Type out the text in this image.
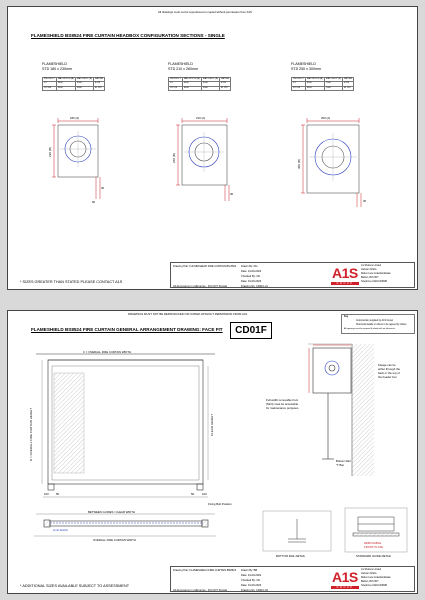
All drawings must not be reproduced or copied without permission from A1S
FLAMESHIELD BS8524 FIRE CURTAIN HEADBOX CONFIGURATION SECTIONS - SINGLE
FLAMESHIELD
STD 180 x 230mm
PRODUCT	MAX WIDTH (A)	MAX DROP (B)	RATING
D1	3000	3000	E120
D2 180	3000	3000	EI 120
FLAMESHIELD
STD 210 x 260mm
PRODUCT	MAX WIDTH (A)	MAX DROP (B)	RATING
D1	6000	5000	E120
D2 210	6000	5000	EI 120
FLAMESHIELD
STD 250 x 300mm
PRODUCT	MAX WIDTH (A)	MAX DROP (B)	RATING
D1	9000	7000	E120
D2 250	9000	7000	EI 120
180 (A)
230 (B)
30
60
210 (A)
260 (B)
30
250 (A)
300 (B)
30
* SIZES GREATER THAN STATED PLEASE CONTACT A1S
Drawing Title: Full MID/HEAD FIRE CURTAIN BS 8524 Drawn By: DG
Date: 01-09-2022
Checked By: CE
Date: 01-09-2022
Drawing No: CD01F-21
All dimensions in millimetres - DO NOT SCALE
A1 Shutters Limited
Jackson Works
Roden Lane Industrial Estate
Barlton, BL5 3NT
Telephone 01204 303838
A1S
GROUP
DRAWINGS MUST NOT BE REPRODUCED OR COPIED WITHOUT PERMISSION FROM A1S
FLAMESHIELD BS8524 FIRE CURTAIN GENERAL ARRANGEMENT DRAWING: FACE FIT	CD01F
Key
Construction supplied by A1S Group
Structural details or others to be agreed by others
All openings must be squared & plumb with no tolerances
C = OVERALL FIRE CURTAIN WIDTH
D = OVERALL FIRE CURTAIN HEIGHT	CLEAR HEIGHT
100	50	50	100
Fixing Bolt Position
BETWEEN GUIDES / CLEAR WIDTH
Limit Switch
OVERALL FIRE CURTAIN WIDTH
Flange can be
either through the
back or the top of
the header box
Full width removable front
(Skirt) must be accessible
for maintenance purposes
Bottom Rail
'T' Bar
BOTTOM RAIL DETAIL	STANDARD GUIDE DETAIL
REMOVABLE
FRONT PLATE
* ADDITIONAL SIZES AVAILABLE SUBJECT TO ASSESSMENT
Drawing Title: FLAMESHIELD FIRE CURTAIN BS8524 Drawn By: BB
Date: 01-09-2022
Checked By: CE
Date: 01-09-2022
Drawing No: CD01F-02
All dimensions in millimetres - DO NOT SCALE
A1 Shutters Limited
Jackson Works
Roden Lane Industrial Estate
Barlton, BL5 3NT
Telephone 01204 303838
A1S
GROUP
